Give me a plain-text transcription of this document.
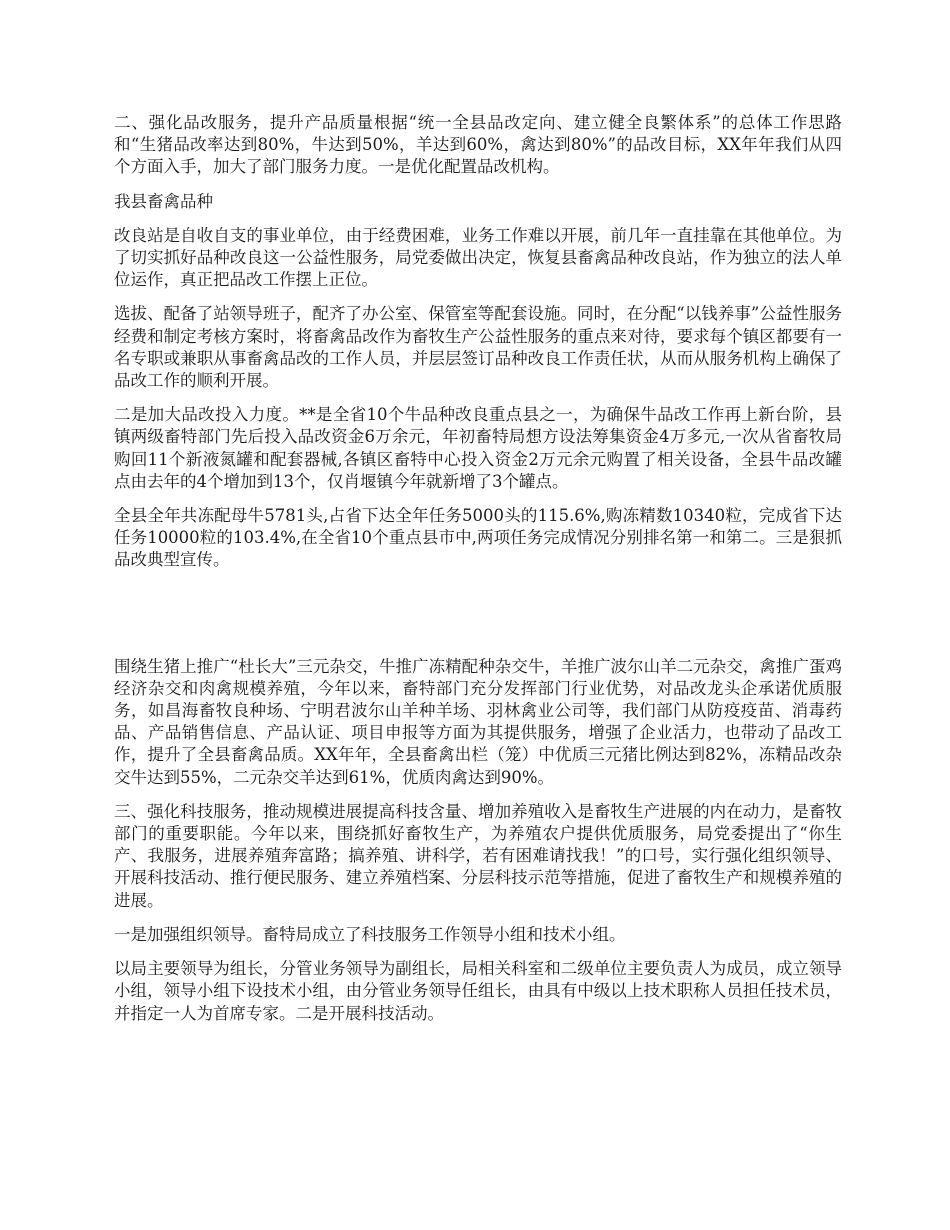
二、强化品改服务，提升产品质量根据“统一全县品改定向、建立健全良繁体系”的总体工作思路和“生猪品改率达到80%，牛达到50%，羊达到60%，禽达到80%”的品改目标，XX年年我们从四个方面入手，加大了部门服务力度。一是优化配置品改机构。

我县畜禽品种

改良站是自收自支的事业单位，由于经费困难，业务工作难以开展，前几年一直挂靠在其他单位。为了切实抓好品种改良这一公益性服务，局党委做出决定，恢复县畜禽品种改良站，作为独立的法人单位运作，真正把品改工作摆上正位。

选拔、配备了站领导班子，配齐了办公室、保管室等配套设施。同时，在分配“以钱养事”公益性服务经费和制定考核方案时，将畜禽品改作为畜牧生产公益性服务的重点来对待，要求每个镇区都要有一名专职或兼职从事畜禽品改的工作人员，并层层签订品种改良工作责任状，从而从服务机构上确保了品改工作的顺利开展。

二是加大品改投入力度。**是全省10个牛品种改良重点县之一，为确保牛品改工作再上新台阶，县镇两级畜特部门先后投入品改资金6万余元，年初畜特局想方设法筹集资金4万多元,一次从省畜牧局购回11个新液氮罐和配套器械,各镇区畜特中心投入资金2万元余元购置了相关设备，全县牛品改罐点由去年的4个增加到13个，仅肖堰镇今年就新增了3个罐点。

全县全年共冻配母牛5781头,占省下达全年任务5000头的115.6%,购冻精数10340粒，完成省下达任务10000粒的103.4%,在全省10个重点县市中,两项任务完成情况分别排名第一和第二。三是狠抓品改典型宣传。

围绕生猪上推广“杜长大”三元杂交，牛推广冻精配种杂交牛，羊推广波尔山羊二元杂交，禽推广蛋鸡经济杂交和肉禽规模养殖，今年以来，畜特部门充分发挥部门行业优势，对品改龙头企承诺优质服务，如昌海畜牧良种场、宁明君波尔山羊种羊场、羽林禽业公司等，我们部门从防疫疫苗、消毒药品、产品销售信息、产品认证、项目申报等方面为其提供服务，增强了企业活力，也带动了品改工作，提升了全县畜禽品质。XX年年，全县畜禽出栏（笼）中优质三元猪比例达到82%，冻精品改杂交牛达到55%，二元杂交羊达到61%，优质肉禽达到90%。

三、强化科技服务，推动规模进展提高科技含量、增加养殖收入是畜牧生产进展的内在动力，是畜牧部门的重要职能。今年以来，围绕抓好畜牧生产，为养殖农户提供优质服务，局党委提出了“你生产、我服务，进展养殖奔富路；搞养殖、讲科学，若有困难请找我！”的口号，实行强化组织领导、开展科技活动、推行便民服务、建立养殖档案、分层科技示范等措施，促进了畜牧生产和规模养殖的进展。

一是加强组织领导。畜特局成立了科技服务工作领导小组和技术小组。

以局主要领导为组长，分管业务领导为副组长，局相关科室和二级单位主要负责人为成员，成立领导小组，领导小组下设技术小组，由分管业务领导任组长，由具有中级以上技术职称人员担任技术员，并指定一人为首席专家。二是开展科技活动。
